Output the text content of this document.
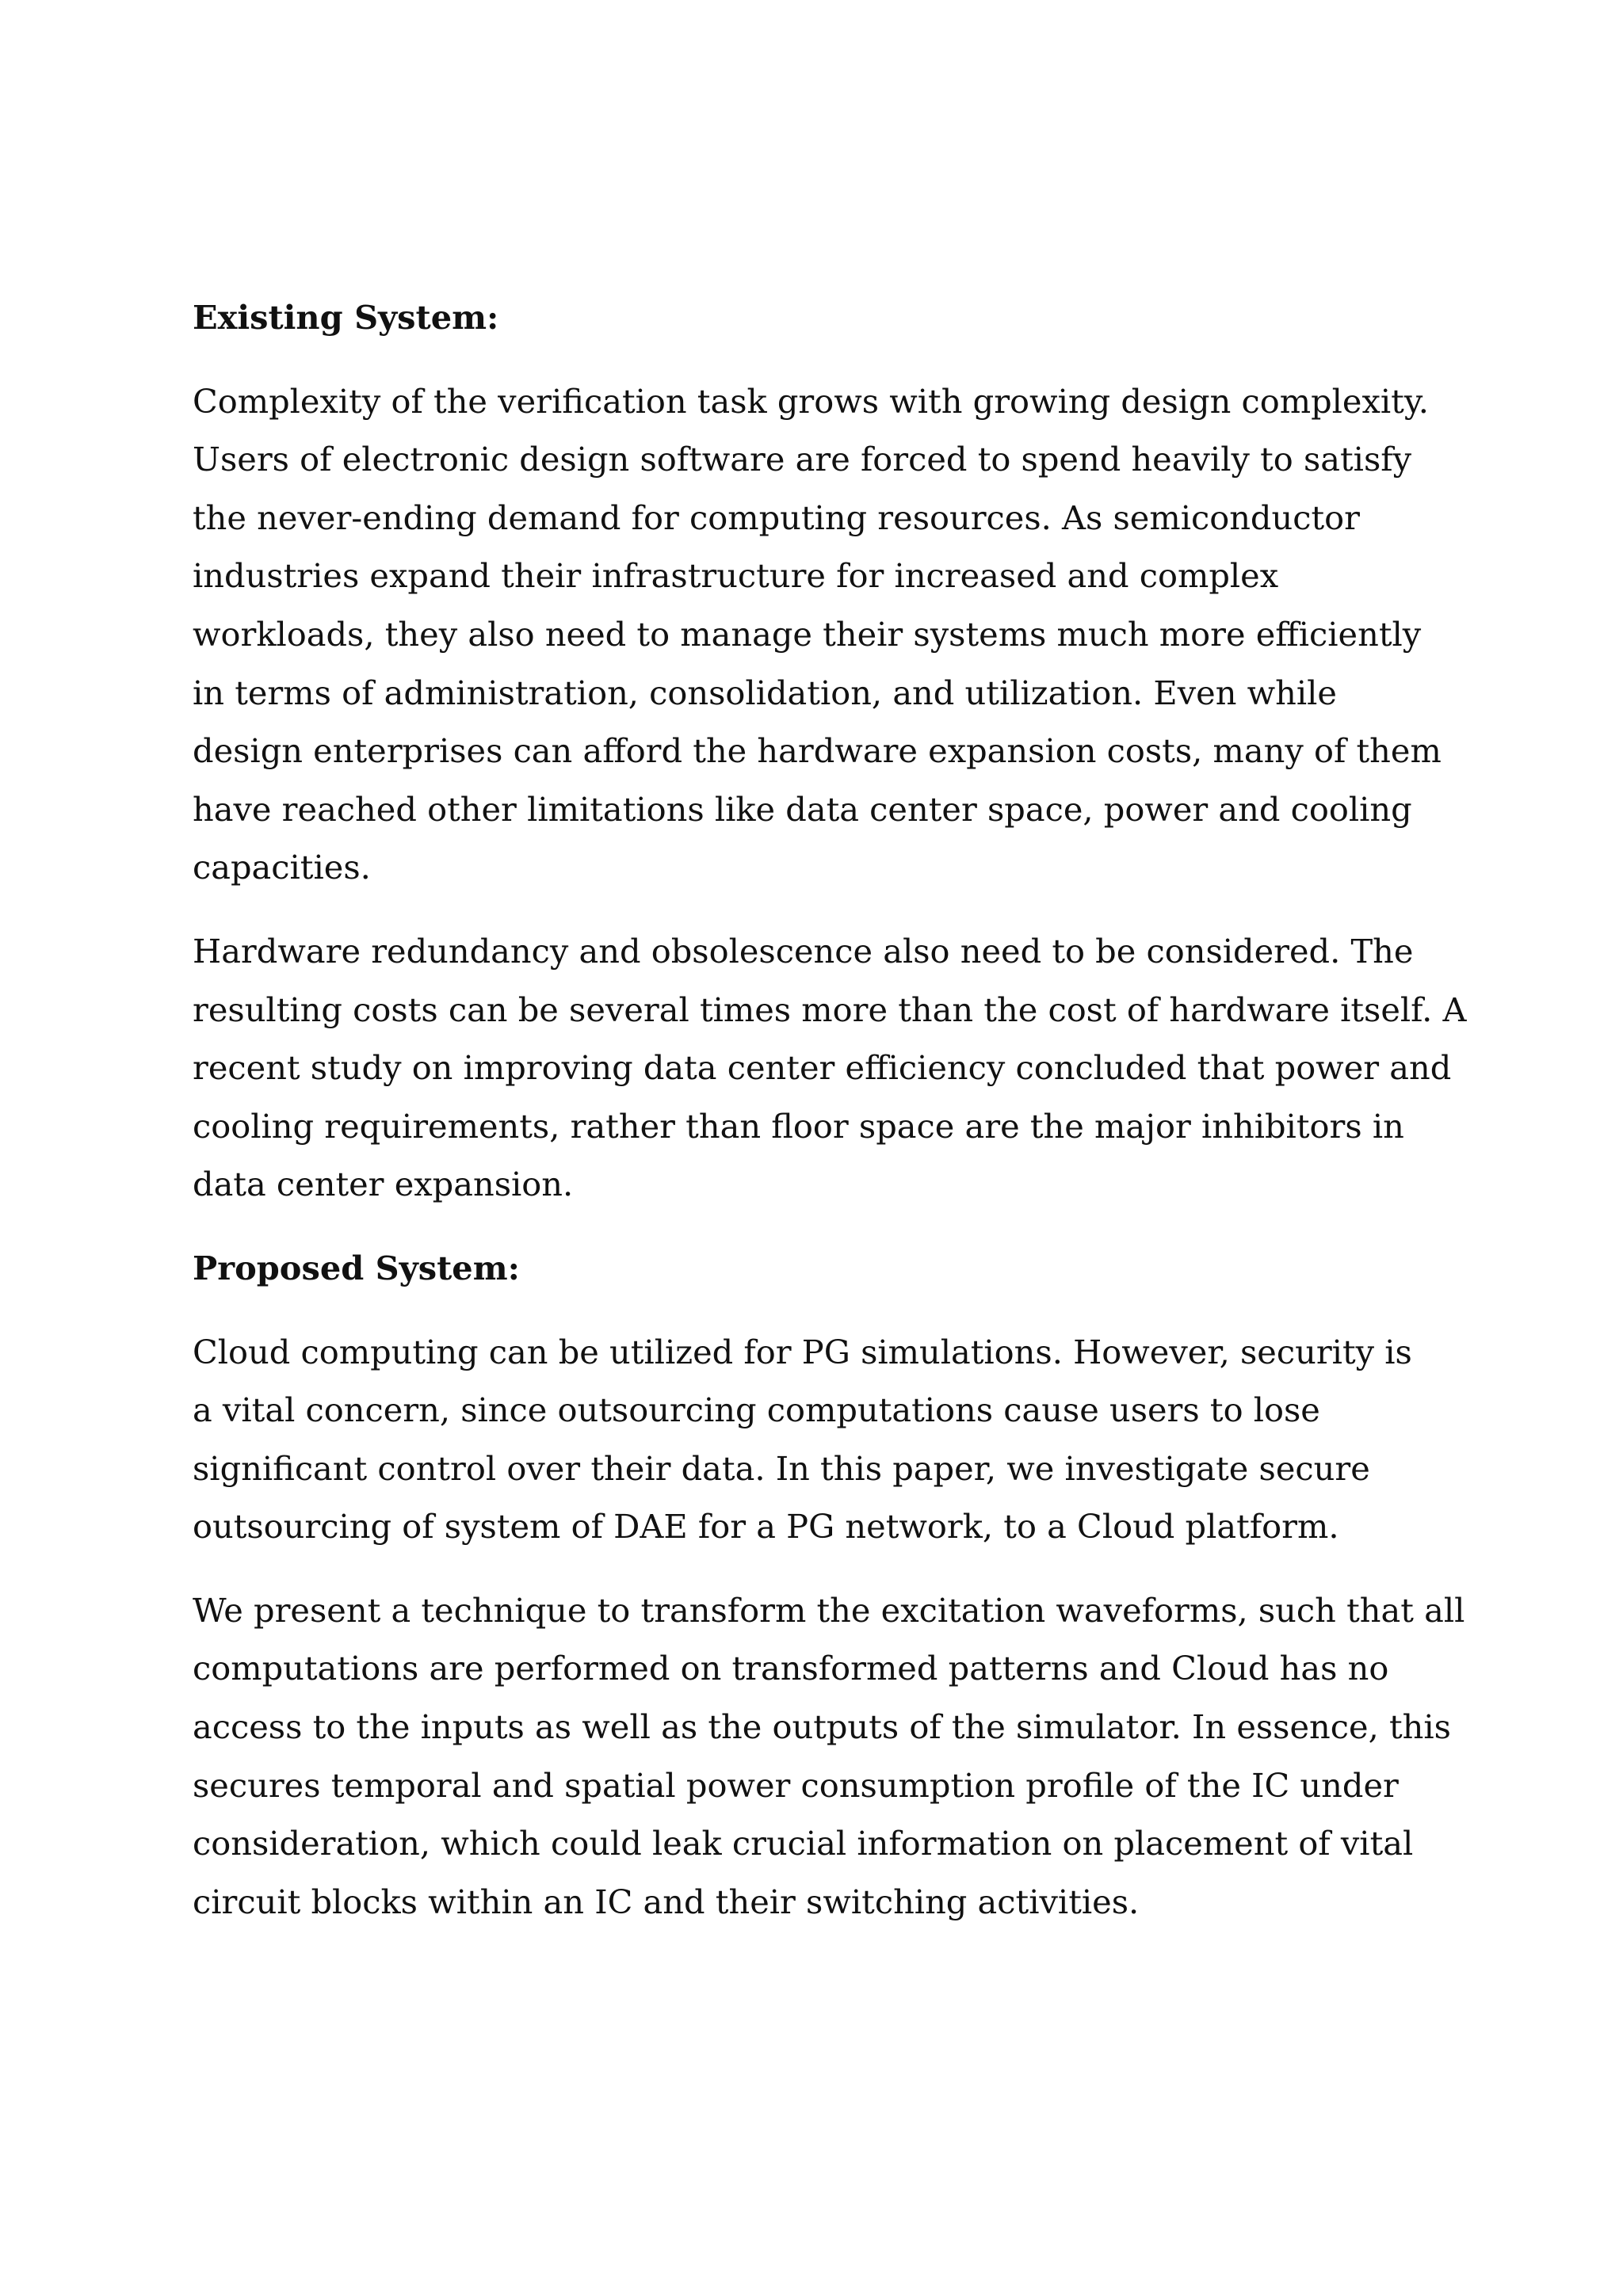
Existing System:
Complexity of the verification task grows with growing design complexity.
Users of electronic design software are forced to spend heavily to satisfy
the never-ending demand for computing resources. As semiconductor
industries expand their infrastructure for increased and complex
workloads, they also need to manage their systems much more efficiently
in terms of administration, consolidation, and utilization. Even while
design enterprises can afford the hardware expansion costs, many of them
have reached other limitations like data center space, power and cooling
capacities.
Hardware redundancy and obsolescence also need to be considered. The
resulting costs can be several times more than the cost of hardware itself. A
recent study on improving data center efficiency concluded that power and
cooling requirements, rather than floor space are the major inhibitors in
data center expansion.
Proposed System:
Cloud computing can be utilized for PG simulations. However, security is
a vital concern, since outsourcing computations cause users to lose
significant control over their data. In this paper, we investigate secure
outsourcing of system of DAE for a PG network, to a Cloud platform.
We present a technique to transform the excitation waveforms, such that all
computations are performed on transformed patterns and Cloud has no
access to the inputs as well as the outputs of the simulator. In essence, this
secures temporal and spatial power consumption profile of the IC under
consideration, which could leak crucial information on placement of vital
circuit blocks within an IC and their switching activities.
